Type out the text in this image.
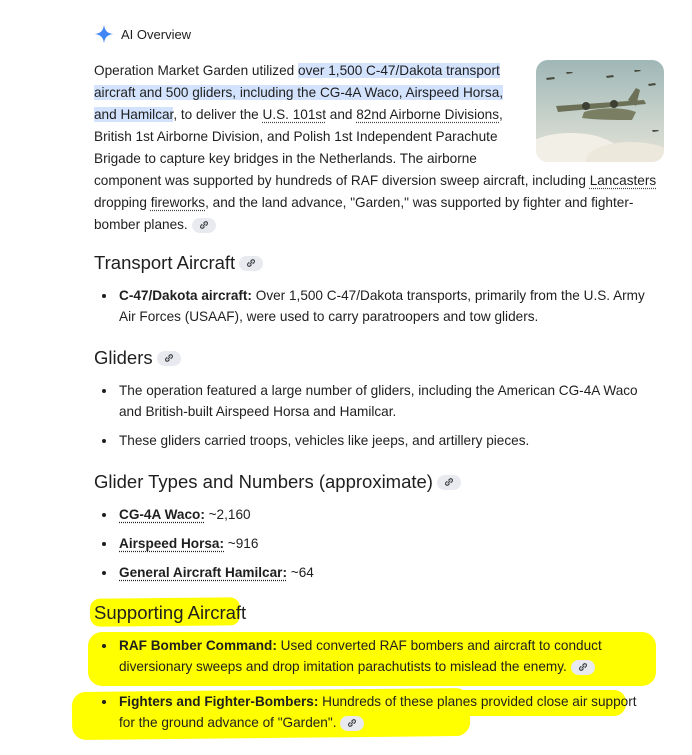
AI Overview
Operation Market Garden utilized over 1,500 C-47/Dakota transport aircraft and 500 gliders, including the CG-4A Waco, Airspeed Horsa, and Hamilcar, to deliver the U.S. 101st and 82nd Airborne Divisions, British 1st Airborne Division, and Polish 1st Independent Parachute Brigade to capture key bridges in the Netherlands. The airborne component was supported by hundreds of RAF diversion sweep aircraft, including Lancasters dropping fireworks, and the land advance, "Garden," was supported by fighter and fighter-bomber planes.
Transport Aircraft
C-47/Dakota aircraft: Over 1,500 C-47/Dakota transports, primarily from the U.S. Army Air Forces (USAAF), were used to carry paratroopers and tow gliders.
Gliders
The operation featured a large number of gliders, including the American CG-4A Waco and British-built Airspeed Horsa and Hamilcar.
These gliders carried troops, vehicles like jeeps, and artillery pieces.
Glider Types and Numbers (approximate)
CG-4A Waco: ~2,160
Airspeed Horsa: ~916
General Aircraft Hamilcar: ~64
Supporting Aircraft
RAF Bomber Command: Used converted RAF bombers and aircraft to conduct diversionary sweeps and drop imitation parachutists to mislead the enemy.
Fighters and Fighter-Bombers: Hundreds of these planes provided close air support for the ground advance of "Garden".
